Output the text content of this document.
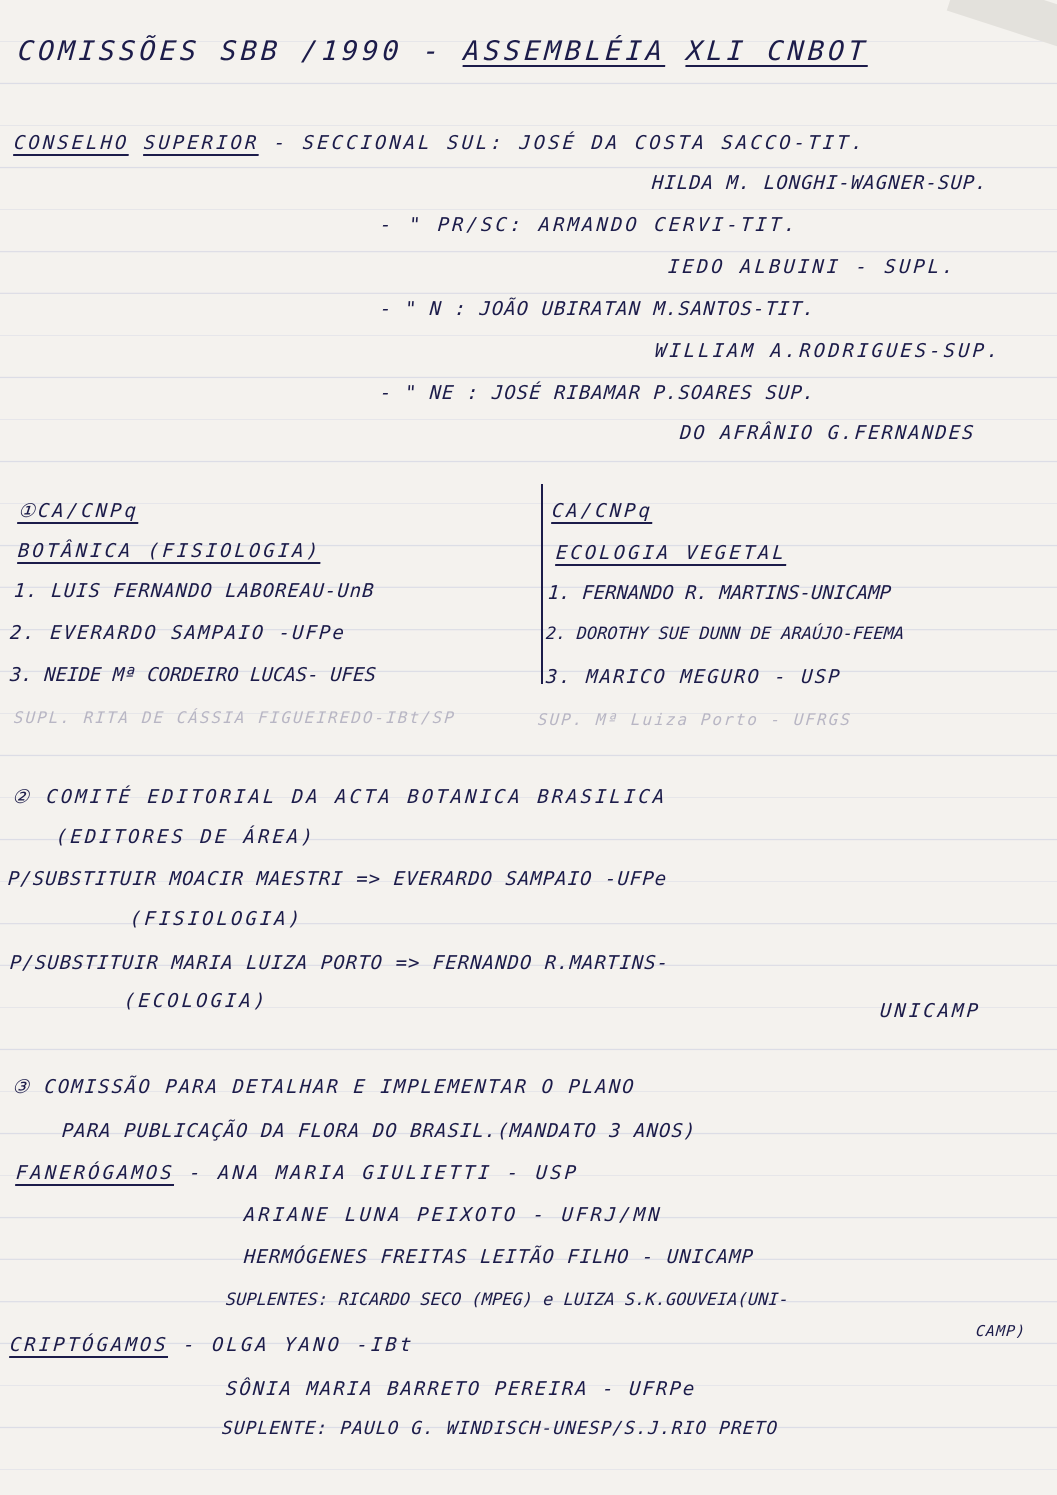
COMISSÕES SBB /1990 - ASSEMBLÉIA XLI CNBOT
CONSELHO SUPERIOR - SECCIONAL SUL: JOSÉ DA COSTA SACCO-TIT.
HILDA M. LONGHI-WAGNER-SUP.
- " PR/SC: ARMANDO CERVI-TIT.
IEDO ALBUINI - SUPL.
- " N : JOÃO UBIRATAN M.SANTOS-TIT.
WILLIAM A.RODRIGUES-SUP.
- " NE : JOSÉ RIBAMAR P.SOARES SUP.
DO AFRÂNIO G.FERNANDES
①CA/CNPq
BOTÂNICA (FISIOLOGIA)
1. LUIS FERNANDO LABOREAU-UnB
2. EVERARDO SAMPAIO -UFPe
3. NEIDE Mª CORDEIRO LUCAS- UFES
SUPL. RITA DE CÁSSIA FIGUEIREDO-IBt/SP
CA/CNPq
ECOLOGIA VEGETAL
1. FERNANDO R. MARTINS-UNICAMP
2. DOROTHY SUE DUNN DE ARAÚJO-FEEMA
3. MARICO MEGURO - USP
SUP. Mª Luiza Porto - UFRGS
② COMITÉ EDITORIAL DA ACTA BOTANICA BRASILICA
(EDITORES DE ÁREA)
P/SUBSTITUIR MOACIR MAESTRI => EVERARDO SAMPAIO -UFPe
(FISIOLOGIA)
P/SUBSTITUIR MARIA LUIZA PORTO => FERNANDO R.MARTINS-
(ECOLOGIA)	UNICAMP
③ COMISSÃO PARA DETALHAR E IMPLEMENTAR O PLANO
PARA PUBLICAÇÃO DA FLORA DO BRASIL.(MANDATO 3 ANOS)
FANERÓGAMOS - ANA MARIA GIULIETTI - USP
ARIANE LUNA PEIXOTO - UFRJ/MN
HERMÓGENES FREITAS LEITÃO FILHO - UNICAMP
SUPLENTES: RICARDO SECO (MPEG) e LUIZA S.K.GOUVEIA(UNI-
CAMP)
CRIPTÓGAMOS - OLGA YANO -IBt
SÔNIA MARIA BARRETO PEREIRA - UFRPe
SUPLENTE: PAULO G. WINDISCH-UNESP/S.J.RIO PRETO
